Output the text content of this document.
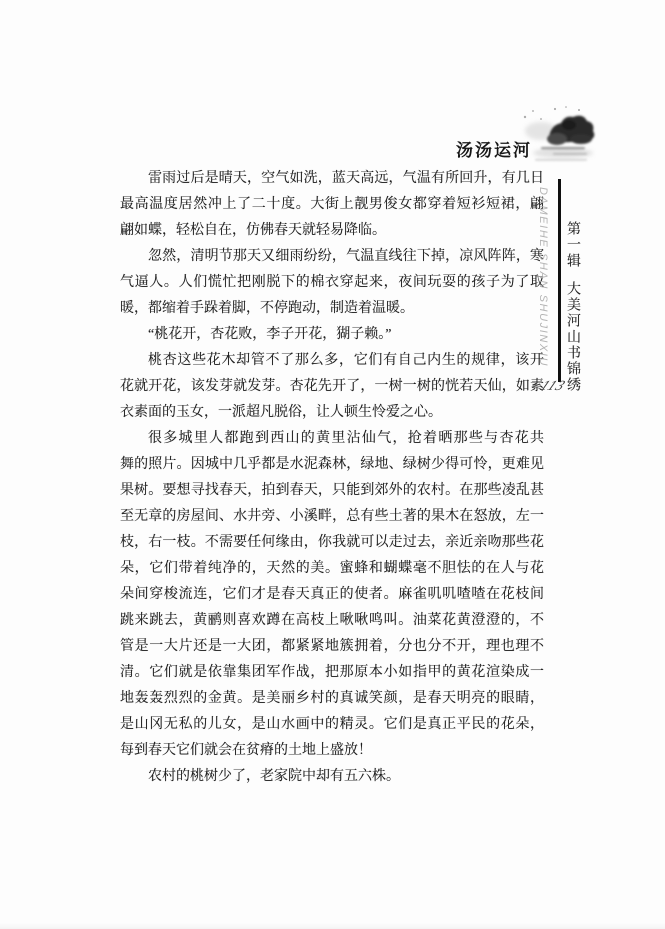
汤汤运河
雷雨过后是晴天，空气如洗，蓝天高远，气温有所回升，有几日
最高温度居然冲上了二十度。大街上靓男俊女都穿着短衫短裙，翩
翩如蝶，轻松自在，仿佛春天就轻易降临。
忽然，清明节那天又细雨纷纷，气温直线往下掉，凉风阵阵，寒
气逼人。人们慌忙把刚脱下的棉衣穿起来，夜间玩耍的孩子为了取
暖，都缩着手跺着脚，不停跑动，制造着温暖。
“桃花开，杏花败，李子开花，猢子赖。”
桃杏这些花木却管不了那么多，它们有自己内生的规律，该开
花就开花，该发芽就发芽。杏花先开了，一树一树的恍若天仙，如素
衣素面的玉女，一派超凡脱俗，让人顿生怜爱之心。
很多城里人都跑到西山的黄里沾仙气，抢着晒那些与杏花共
舞的照片。因城中几乎都是水泥森林，绿地、绿树少得可怜，更难见
果树。要想寻找春天，拍到春天，只能到郊外的农村。在那些凌乱甚
至无章的房屋间、水井旁、小溪畔，总有些土著的果木在怒放，左一
枝，右一枝。不需要任何缘由，你我就可以走过去，亲近亲吻那些花
朵，它们带着纯净的，天然的美。蜜蜂和蝴蝶毫不胆怯的在人与花
朵间穿梭流连，它们才是春天真正的使者。麻雀叽叽喳喳在花枝间
跳来跳去，黄鹂则喜欢蹲在高枝上啾啾鸣叫。油菜花黄澄澄的，不
管是一大片还是一大团，都紧紧地簇拥着，分也分不开，理也理不
清。它们就是依靠集团军作战，把那原本小如指甲的黄花渲染成一
地轰轰烈烈的金黄。是美丽乡村的真诚笑颜，是春天明亮的眼睛，
是山冈无私的儿女，是山水画中的精灵。它们是真正平民的花朵，
每到春天它们就会在贫瘠的土地上盛放！
农村的桃树少了，老家院中却有五六株。
DAMEIHE SHAN SHUJINXIU 第一辑
大美河山书锦绣
113
